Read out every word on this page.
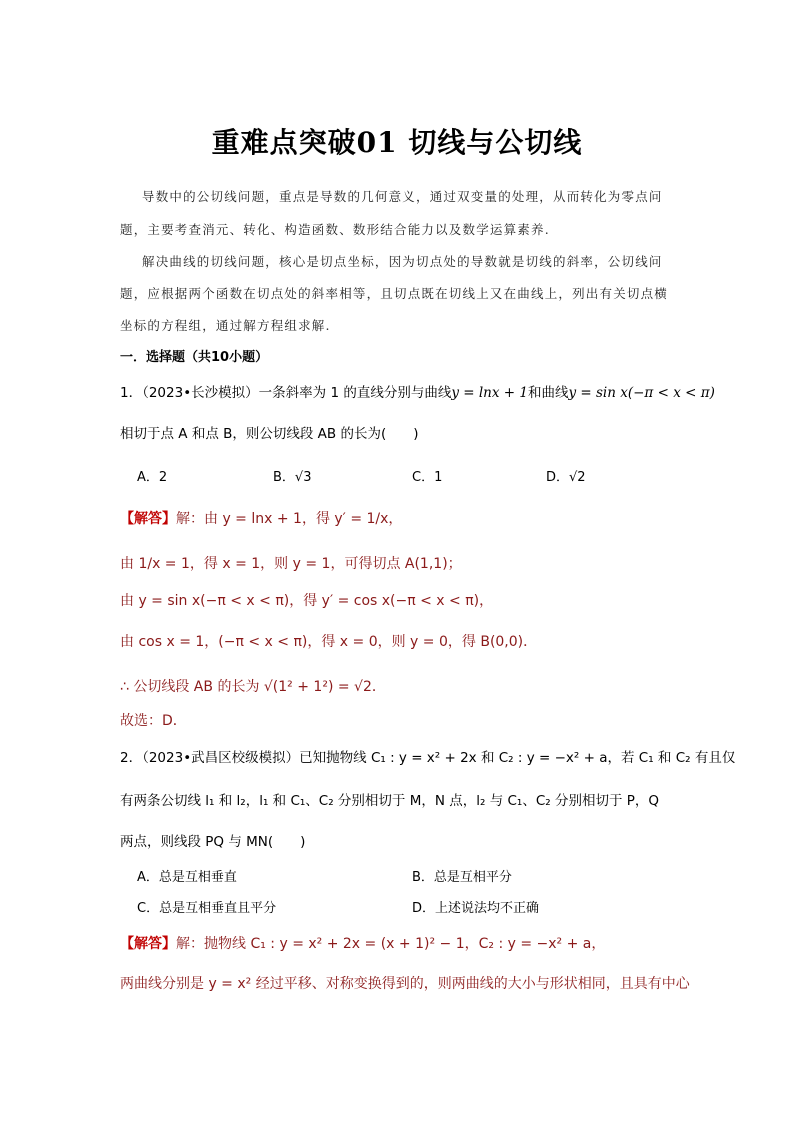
重难点突破01 切线与公切线
导数中的公切线问题，重点是导数的几何意义，通过双变量的处理，从而转化为零点问
题，主要考查消元、转化、构造函数、数形结合能力以及数学运算素养.
解决曲线的切线问题，核心是切点坐标，因为切点处的导数就是切线的斜率，公切线问
题，应根据两个函数在切点处的斜率相等，且切点既在切线上又在曲线上，列出有关切点横
坐标的方程组，通过解方程组求解.
一．选择题（共10小题）
1．（2023•长沙模拟）一条斜率为 1 的直线分别与曲线y = lnx + 1和曲线y = sin x(−π < x < π)
相切于点 A 和点 B，则公切线段 AB 的长为(　　)
A．2	B．√3	C．1	D．√2
【解答】解：由 y = lnx + 1，得 y′ = 1/x，
由 1/x = 1，得 x = 1，则 y = 1，可得切点 A(1,1)；
由 y = sin x(−π < x < π)，得 y′ = cos x(−π < x < π)，
由 cos x = 1，(−π < x < π)，得 x = 0，则 y = 0，得 B(0,0)．
∴ 公切线段 AB 的长为 √(1² + 1²) = √2．
故选：D．
2．（2023•武昌区校级模拟）已知抛物线 C₁ : y = x² + 2x 和 C₂ : y = −x² + a，若 C₁ 和 C₂ 有且仅
有两条公切线 l₁ 和 l₂，l₁ 和 C₁、C₂ 分别相切于 M，N 点，l₂ 与 C₁、C₂ 分别相切于 P，Q
两点，则线段 PQ 与 MN(　　)
A．总是互相垂直	B．总是互相平分
C．总是互相垂直且平分	D．上述说法均不正确
【解答】解：抛物线 C₁ : y = x² + 2x = (x + 1)² − 1，C₂ : y = −x² + a，
两曲线分别是 y = x² 经过平移、对称变换得到的，则两曲线的大小与形状相同，且具有中心
